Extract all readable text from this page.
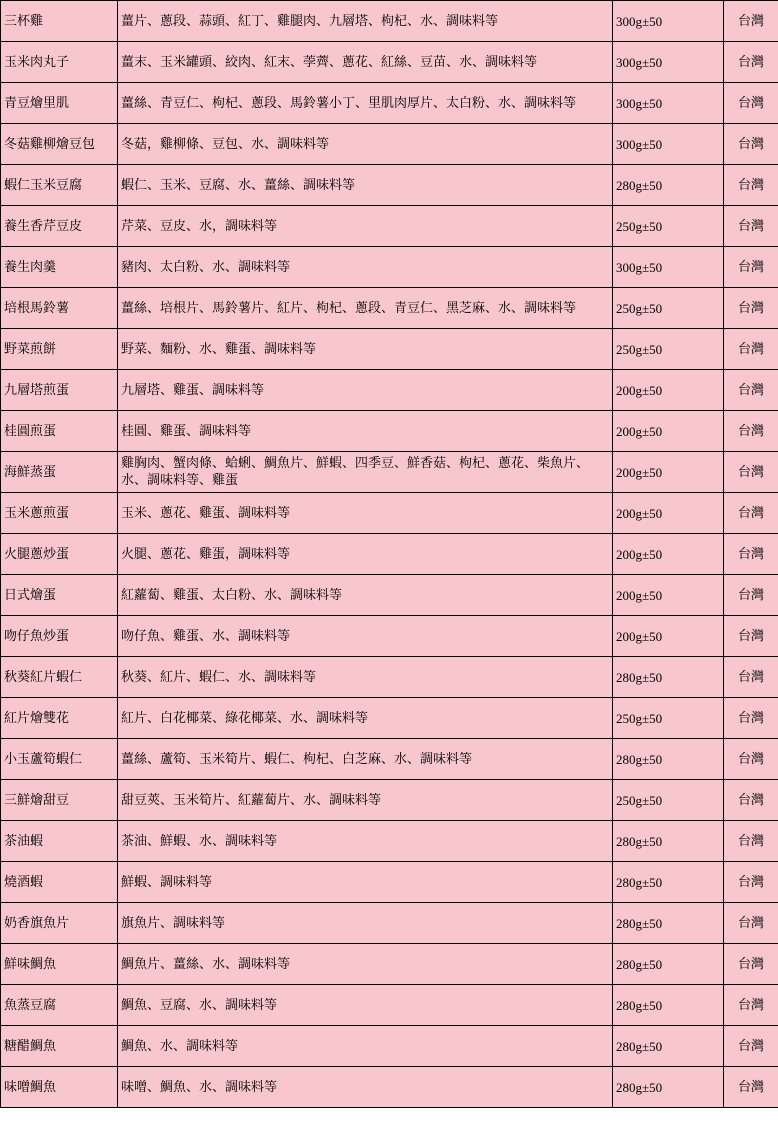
三杯雞	薑片、蔥段、蒜頭、紅丁、雞腿肉、九層塔、枸杞、水、調味料等	300g±50	台灣
玉米肉丸子	薑末、玉米罐頭、絞肉、紅末、荸薺、蔥花、紅絲、豆苗、水、調味料等	300g±50	台灣
青豆燴里肌	薑絲、青豆仁、枸杞、蔥段、馬鈴薯小丁、里肌肉厚片、太白粉、水、調味料等	300g±50	台灣
冬菇雞柳燴豆包	冬菇，雞柳條、豆包、水、調味料等	300g±50	台灣
蝦仁玉米豆腐	蝦仁、玉米、豆腐、水、薑絲、調味料等	280g±50	台灣
養生香芹豆皮	芹菜、豆皮、水，調味料等	250g±50	台灣
養生肉羹	豬肉、太白粉、水、調味料等	300g±50	台灣
培根馬鈴薯	薑絲、培根片、馬鈴薯片、紅片、枸杞、蔥段、青豆仁、黑芝麻、水、調味料等	250g±50	台灣
野菜煎餅	野菜、麵粉、水、雞蛋、調味料等	250g±50	台灣
九層塔煎蛋	九層塔、雞蛋、調味料等	200g±50	台灣
桂圓煎蛋	桂圓、雞蛋、調味料等	200g±50	台灣
海鮮蒸蛋	雞胸肉、蟹肉條、蛤蜊、鯛魚片、鮮蝦、四季豆、鮮香菇、枸杞、蔥花、柴魚片、水、調味料等、雞蛋	200g±50	台灣
玉米蔥煎蛋	玉米、蔥花、雞蛋、調味料等	200g±50	台灣
火腿蔥炒蛋	火腿、蔥花、雞蛋，調味料等	200g±50	台灣
日式燴蛋	紅蘿蔔、雞蛋、太白粉、水、調味料等	200g±50	台灣
吻仔魚炒蛋	吻仔魚、雞蛋、水、調味料等	200g±50	台灣
秋葵紅片蝦仁	秋葵、紅片、蝦仁、水、調味料等	280g±50	台灣
紅片燴雙花	紅片、白花椰菜、綠花椰菜、水、調味料等	250g±50	台灣
小玉蘆筍蝦仁	薑絲、蘆筍、玉米筍片、蝦仁、枸杞、白芝麻、水、調味料等	280g±50	台灣
三鮮燴甜豆	甜豆莢、玉米筍片、紅蘿蔔片、水、調味料等	250g±50	台灣
茶油蝦	茶油、鮮蝦、水、調味料等	280g±50	台灣
燒酒蝦	鮮蝦、調味料等	280g±50	台灣
奶香旗魚片	旗魚片、調味料等	280g±50	台灣
鮮味鯛魚	鯛魚片、薑絲、水、調味料等	280g±50	台灣
魚蒸豆腐	鯛魚、豆腐、水、調味料等	280g±50	台灣
糖醋鯛魚	鯛魚、水、調味料等	280g±50	台灣
味噌鯛魚	味噌、鯛魚、水、調味料等	280g±50	台灣
